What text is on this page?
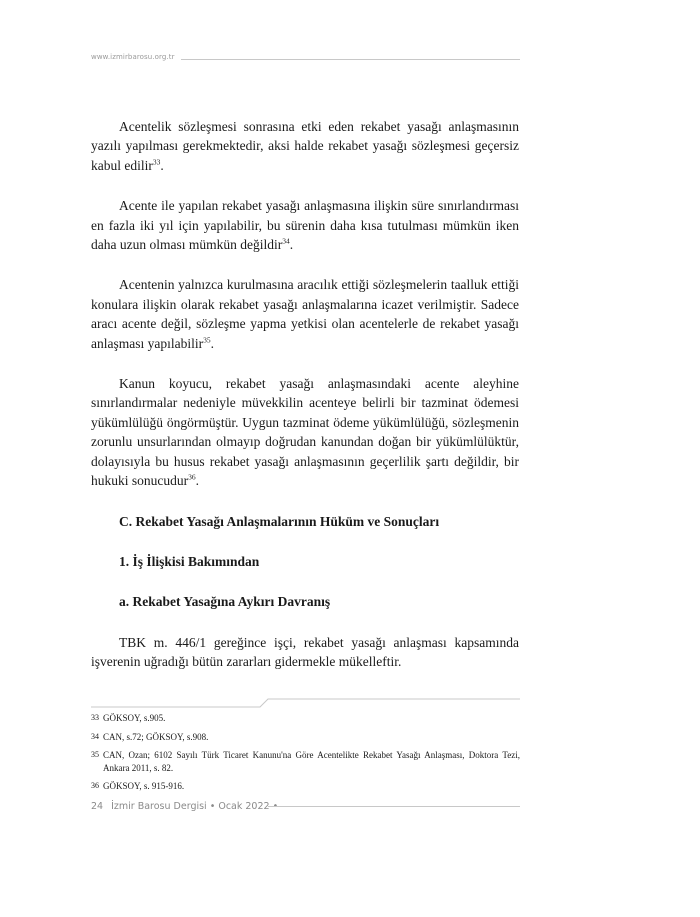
www.izmirbarosu.org.tr

Acentelik sözleşmesi sonrasına etki eden rekabet yasağı anlaşmasının yazılı yapılması gerekmektedir, aksi halde rekabet yasağı sözleşmesi geçersiz kabul edilir$^{33}$.

Acente ile yapılan rekabet yasağı anlaşmasına ilişkin süre sınırlandırması en fazla iki yıl için yapılabilir, bu sürenin daha kısa tutulması mümkün iken daha uzun olması mümkün değildir$^{34}$.

Acentenin yalnızca kurulmasına aracılık ettiği sözleşmelerin taalluk ettiği konulara ilişkin olarak rekabet yasağı anlaşmalarına icazet verilmiştir. Sadece aracı acente değil, sözleşme yapma yetkisi olan acentelerle de rekabet yasağı anlaşması yapılabilir$^{35}$.

Kanun koyucu, rekabet yasağı anlaşmasındaki acente aleyhine sınırlandırmalar nedeniyle müvekkilin acenteye belirli bir tazminat ödemesi yükümlülüğü öngörmüştür. Uygun tazminat ödeme yükümlülüğü, sözleşmenin zorunlu unsurlarından olmayıp doğrudan kanundan doğan bir yükümlülüktür, dolayısıyla bu husus rekabet yasağı anlaşmasının geçerlilik şartı değildir, bir hukuki sonucudur$^{36}$.

C. Rekabet Yasağı Anlaşmalarının Hüküm ve Sonuçları

1. İş İlişkisi Bakımından

a. Rekabet Yasağına Aykırı Davranış

TBK m. 446/1 gereğince işçi, rekabet yasağı anlaşması kapsamında işverenin uğradığı bütün zararları gidermekle mükelleftir.

33 GÖKSOY, s.905.
34 CAN, s.72; GÖKSOY, s.908.
35 CAN, Ozan; 6102 Sayılı Türk Ticaret Kanunu'na Göre Acentelikte Rekabet Yasağı Anlaşması, Doktora Tezi, Ankara 2011, s. 82.
36 GÖKSOY, s. 915-916.
24 İzmir Barosu Dergisi • Ocak 2022 •
